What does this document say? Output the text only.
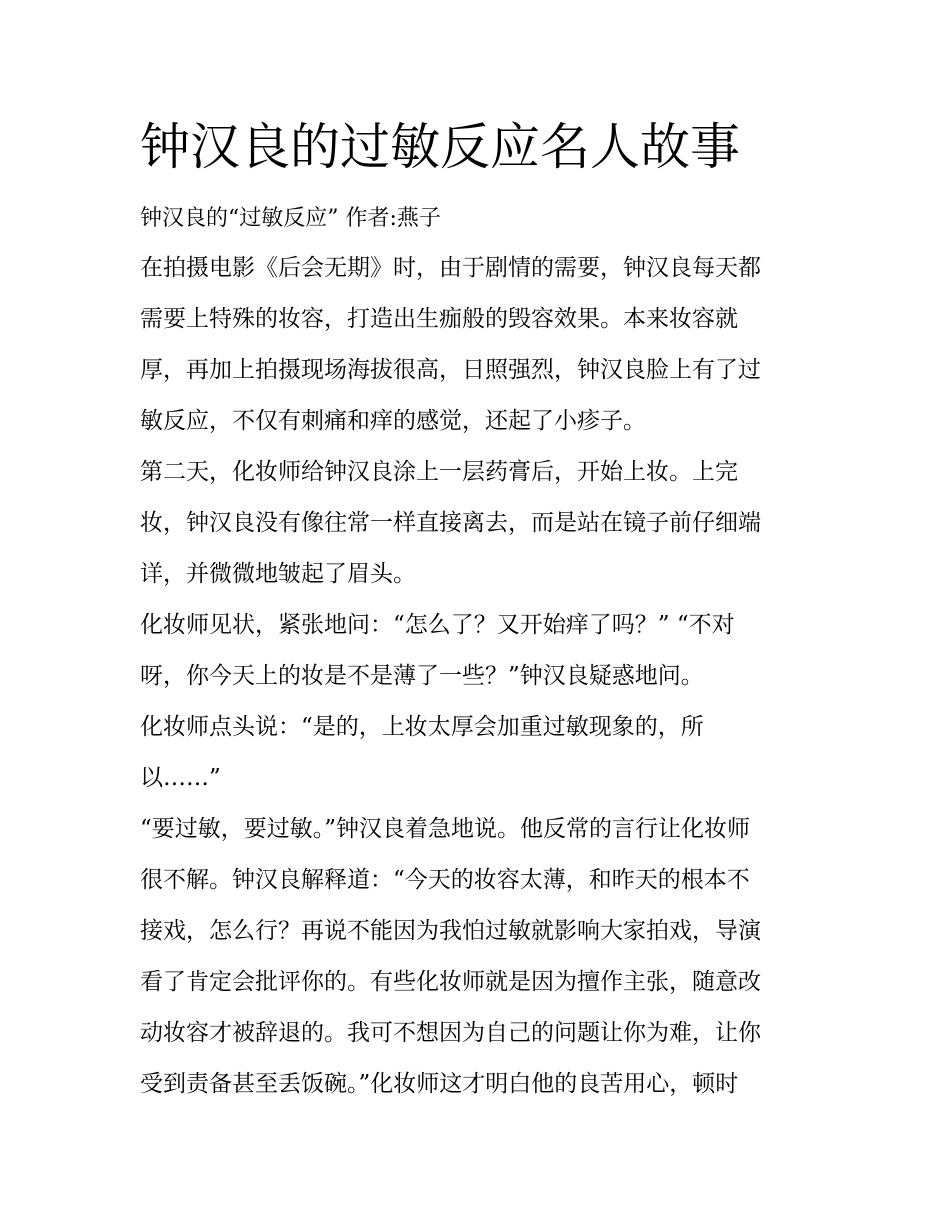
钟汉良的过敏反应名人故事
钟汉良的“过敏反应” 作者:燕子
在拍摄电影《后会无期》时，由于剧情的需要，钟汉良每天都
需要上特殊的妆容，打造出生痂般的毁容效果。本来妆容就
厚，再加上拍摄现场海拔很高，日照强烈，钟汉良脸上有了过
敏反应，不仅有刺痛和痒的感觉，还起了小疹子。
第二天，化妆师给钟汉良涂上一层药膏后，开始上妆。上完
妆，钟汉良没有像往常一样直接离去，而是站在镜子前仔细端
详，并微微地皱起了眉头。
化妆师见状，紧张地问：“怎么了？又开始痒了吗？” “不对
呀，你今天上的妆是不是薄了一些？”钟汉良疑惑地问。
化妆师点头说：“是的，上妆太厚会加重过敏现象的，所
以……”
“要过敏，要过敏。”钟汉良着急地说。他反常的言行让化妆师
很不解。钟汉良解释道：“今天的妆容太薄，和昨天的根本不
接戏，怎么行？再说不能因为我怕过敏就影响大家拍戏，导演
看了肯定会批评你的。有些化妆师就是因为擅作主张，随意改
动妆容才被辞退的。我可不想因为自己的问题让你为难，让你
受到责备甚至丢饭碗。”化妆师这才明白他的良苦用心，顿时
